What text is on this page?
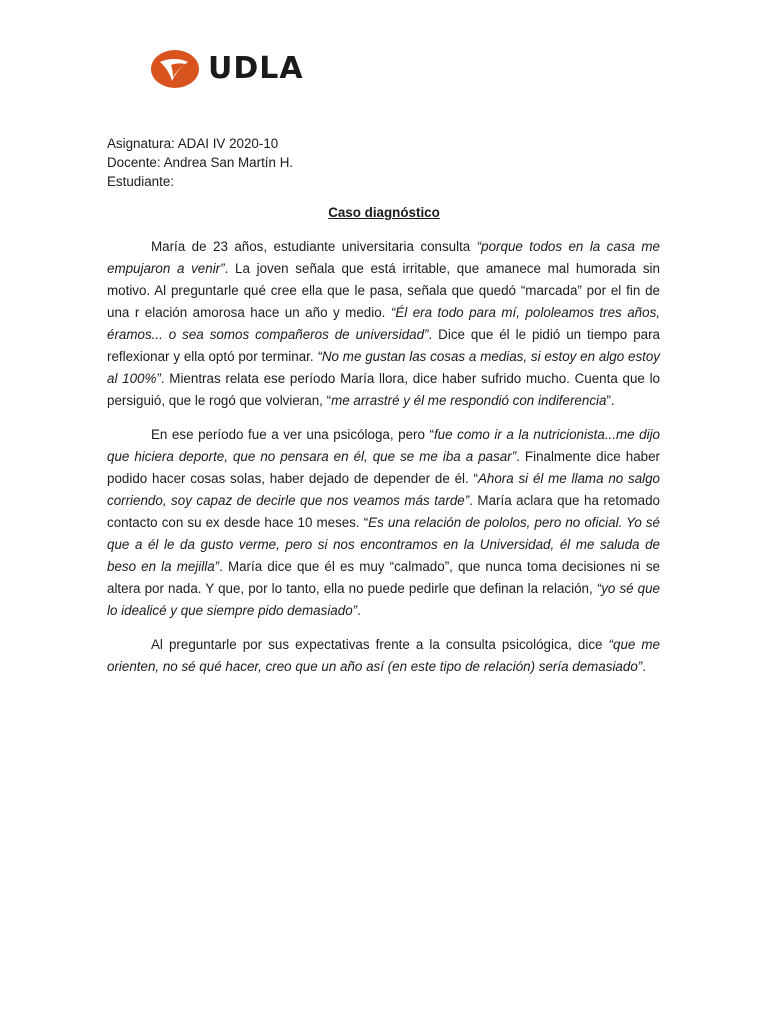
UDLA
Asignatura: ADAI IV 2020-10
Docente: Andrea San Martín H.
Estudiante:
Caso diagnóstico

María de 23 años, estudiante universitaria consulta “porque todos en la casa me empujaron a venir”. La joven señala que está irritable, que amanece mal humorada sin motivo. Al preguntarle qué cree ella que le pasa, señala que quedó “marcada” por el fin de una r elación amorosa hace un año y medio. “Él era todo para mí, pololeamos tres años, éramos... o sea somos compañeros de universidad”. Dice que él le pidió un tiempo para reflexionar y ella optó por terminar. “No me gustan las cosas a medias, si estoy en algo estoy al 100%”. Mientras relata ese período María llora, dice haber sufrido mucho. Cuenta que lo persiguió, que le rogó que volvieran, “me arrastré y él me respondió con indiferencia”.

En ese período fue a ver una psicóloga, pero “fue como ir a la nutricionista...me dijo que hiciera deporte, que no pensara en él, que se me iba a pasar”. Finalmente dice haber podido hacer cosas solas, haber dejado de depender de él. “Ahora si él me llama no salgo corriendo, soy capaz de decirle que nos veamos más tarde”. María aclara que ha retomado contacto con su ex desde hace 10 meses. “Es una relación de pololos, pero no oficial. Yo sé que a él le da gusto verme, pero si nos encontramos en la Universidad, él me saluda de beso en la mejilla”. María dice que él es muy “calmado”, que nunca toma decisiones ni se altera por nada. Y que, por lo tanto, ella no puede pedirle que definan la relación, “yo sé que lo idealicé y que siempre pido demasiado”.

Al preguntarle por sus expectativas frente a la consulta psicológica, dice “que me orienten, no sé qué hacer, creo que un año así (en este tipo de relación) sería demasiado”.
